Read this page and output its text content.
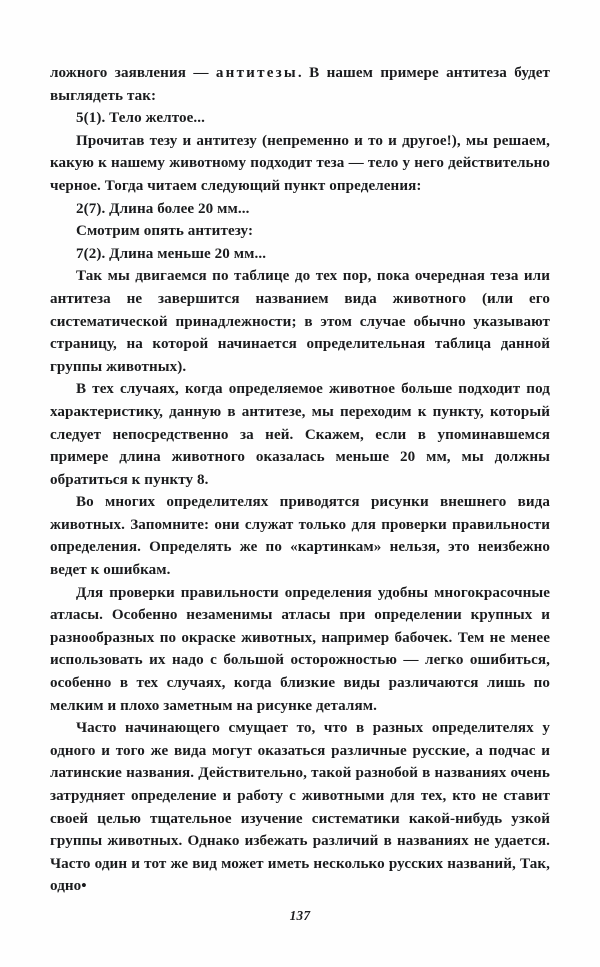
ложного заявления — антитезы. В нашем примере антитеза будет выглядеть так:

5(1). Тело желтое...

Прочитав тезу и антитезу (непременно и то и другое!), мы решаем, какую к нашему животному подходит теза — тело у него действительно черное. Тогда читаем следующий пункт определения:

2(7). Длина более 20 мм...

Смотрим опять антитезу:

7(2). Длина меньше 20 мм...

Так мы двигаемся по таблице до тех пор, пока очередная теза или антитеза не завершится названием вида животного (или его систематической принадлежности; в этом случае обычно указывают страницу, на которой начинается определительная таблица данной группы животных).

В тех случаях, когда определяемое животное больше подходит под характеристику, данную в антитезе, мы переходим к пункту, который следует непосредственно за ней. Скажем, если в упоминавшемся примере длина животного оказалась меньше 20 мм, мы должны обратиться к пункту 8.

Во многих определителях приводятся рисунки внешнего вида животных. Запомните: они служат только для проверки правильности определения. Определять же по «картинкам» нельзя, это неизбежно ведет к ошибкам.

Для проверки правильности определения удобны многокрасочные атласы. Особенно незаменимы атласы при определении крупных и разнообразных по окраске животных, например бабочек. Тем не менее использовать их надо с большой осторожностью — легко ошибиться, особенно в тех случаях, когда близкие виды различаются лишь по мелким и плохо заметным на рисунке деталям.

Часто начинающего смущает то, что в разных определителях у одного и того же вида могут оказаться различные русские, а подчас и латинские названия. Действительно, такой разнобой в названиях очень затрудняет определение и работу с животными для тех, кто не ставит своей целью тщательное изучение систематики какой-нибудь узкой группы животных. Однако избежать различий в названиях не удается. Часто один и тот же вид может иметь несколько русских названий, Так, одно•

137
